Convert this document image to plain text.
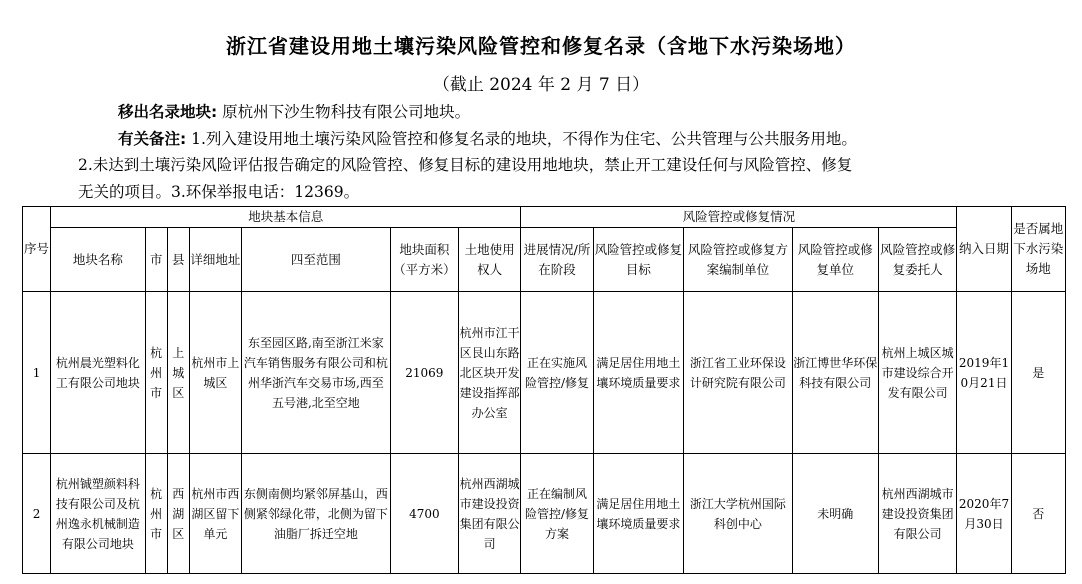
浙江省建设用地土壤污染风险管控和修复名录（含地下水污染场地）
（截止 2024 年 2 月 7 日）
移出名录地块: 原杭州下沙生物科技有限公司地块。
有关备注: 1.列入建设用地土壤污染风险管控和修复名录的地块，不得作为住宅、公共管理与公共服务用地。
2.未达到土壤污染风险评估报告确定的风险管控、修复目标的建设用地地块，禁止开工建设任何与风险管控、修复
无关的项目。3.环保举报电话：12369。
序号	地块基本信息							风险管控或修复情况					纳入日期	是否属地下水污染场地
	地块名称	市	县	详细地址	四至范围	地块面积（平方米）	土地使用权人	进展情况/所在阶段	风险管控或修复目标	风险管控或修复方案编制单位	风险管控或修复单位	风险管控或修复委托人		
1	杭州晨光塑料化工有限公司地块	杭州市	上城区	杭州市上城区	东至园区路,南至浙江米家汽车销售服务有限公司和杭州华浙汽车交易市场,西至五号港,北至空地	21069	杭州市江干区艮山东路北区块开发建设指挥部办公室	正在实施风险管控/修复	满足居住用地土壤环境质量要求	浙江省工业环保设计研究院有限公司	浙江博世华环保科技有限公司	杭州上城区城市建设综合开发有限公司	2019年10月21日	是
2	杭州铖塑颜料科技有限公司及杭州逸永机械制造有限公司地块	杭州市	西湖区	杭州市西湖区留下单元	东侧南侧均紧邻屏基山，西侧紧邻绿化带，北侧为留下油脂厂拆迁空地	4700	杭州西湖城市建设投资集团有限公司	正在编制风险管控/修复方案	满足居住用地土壤环境质量要求	浙江大学杭州国际科创中心	未明确	杭州西湖城市建设投资集团有限公司	2020年7月30日	否
